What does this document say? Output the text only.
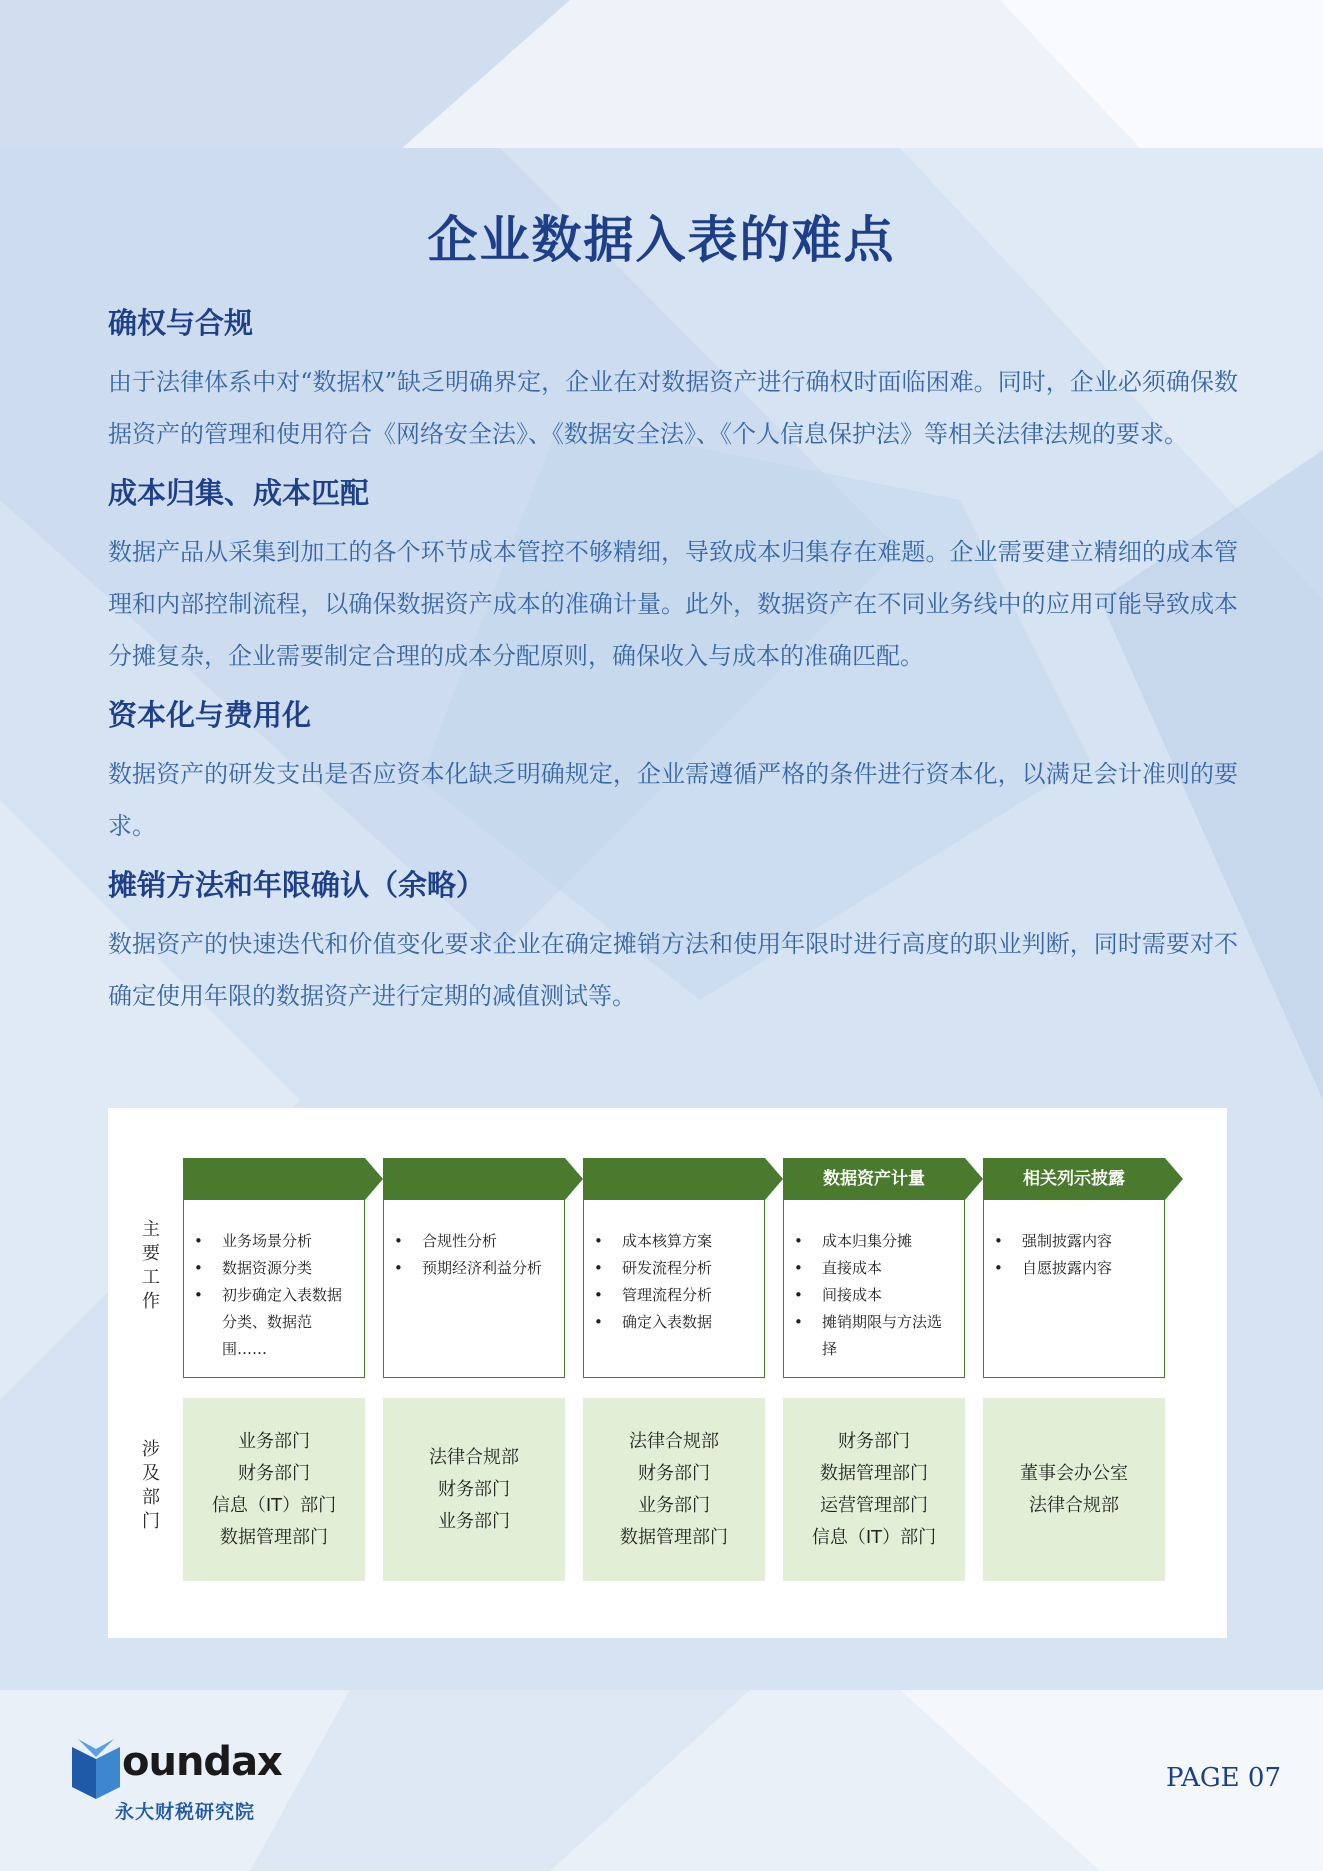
企业数据入表的难点
确权与合规
由于法律体系中对“数据权”缺乏明确界定，企业在对数据资产进行确权时面临困难。同时，企业必须确保数据资产的管理和使用符合《网络安全法》、《数据安全法》、《个人信息保护法》等相关法律法规的要求。
成本归集、成本匹配
数据产品从采集到加工的各个环节成本管控不够精细，导致成本归集存在难题。企业需要建立精细的成本管理和内部控制流程，以确保数据资产成本的准确计量。此外，数据资产在不同业务线中的应用可能导致成本分摊复杂，企业需要制定合理的成本分配原则，确保收入与成本的准确匹配。
资本化与费用化
数据资产的研发支出是否应资本化缺乏明确规定，企业需遵循严格的条件进行资本化，以满足会计准则的要求。
摊销方法和年限确认（余略）
数据资产的快速迭代和价值变化要求企业在确定摊销方法和使用年限时进行高度的职业判断，同时需要对不确定使用年限的数据资产进行定期的减值测试等。
主要工作
涉及部门
• 业务场景分析
• 数据资源分类
• 初步确定入表数据分类、数据范围……
业务部门
财务部门
信息（IT）部门
数据管理部门
• 合规性分析
• 预期经济利益分析
法律合规部
财务部门
业务部门
• 成本核算方案
• 研发流程分析
• 管理流程分析
• 确定入表数据
法律合规部
财务部门
业务部门
数据管理部门
数据资产计量
• 成本归集分摊
• 直接成本
• 间接成本
• 摊销期限与方法选择
财务部门
数据管理部门
运营管理部门
信息（IT）部门
相关列示披露
• 强制披露内容
• 自愿披露内容
董事会办公室
法律合规部
oundax
永大财税研究院
PAGE 07
